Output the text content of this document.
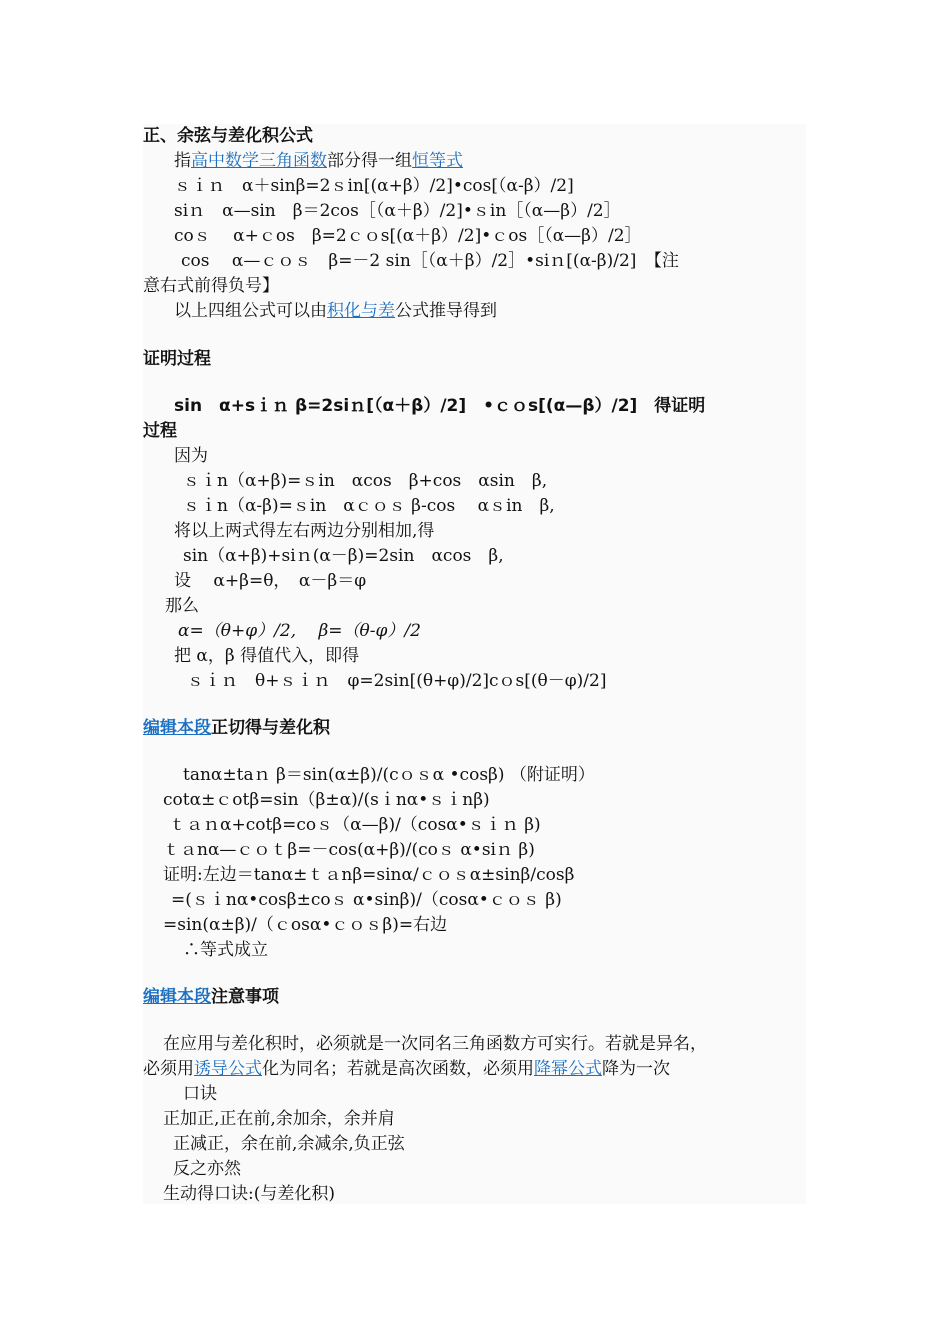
正、余弦与差化积公式
指高中数学三角函数部分得一组恒等式
ｓｉｎ　α＋sinβ=2ｓin[(α+β）/2]•cos[（α-β）/2]
siｎ　α—sin　β＝2cos［（α＋β）/2]•ｓin［（α—β）/2］
coｓ　 α+ｃos　β=2ｃｏs[(α＋β）/2]•ｃos［（α—β）/2］
cos　 α—ｃｏｓ　β=－2 sin［（α＋β）/2］•siｎ[(α-β)/2]　【注
意右式前得负号】
以上四组公式可以由积化与差公式推导得到
证明过程
sin　α+sｉｎ β=2siｎ[（α＋β）/2]　•ｃｏs[(α—β）/2]　得证明
过程
因为
ｓｉn（α+β)=ｓin　αcos　β+cos　αsin　β,
ｓｉn（α-β)=ｓin　αｃｏｓ β-cos　 αｓin　β,
将以上两式得左右两边分别相加,得
sin（α+β)+siｎ(α－β)=2sin　αcos　β,
设　 α+β=θ，　α－β＝φ
那么
α=（θ+φ）/2,　 β=（θ-φ）/2
把 α，β 得值代入，即得
ｓｉｎ　θ+ｓｉｎ　φ=2sin[(θ+φ)/2]cｏs[(θ－φ)/2]
编辑本段正切得与差化积
tanα±taｎ β＝sin(α±β)/(cｏｓα •cosβ) （附证明）
cotα±ｃotβ=sin（β±α)/(sｉnα•ｓｉnβ)
ｔａｎα+cotβ=coｓ（α—β)/（cosα•ｓｉｎ β)
ｔａnα—ｃｏｔβ=－cos(α+β)/(coｓ α•siｎ β)
证明:左边＝tanα±ｔａnβ=sinα/ｃｏｓα±sinβ/cosβ
=(ｓｉnα•cosβ±coｓ α•sinβ)/（cosα•ｃｏｓ β)
=sin(α±β)/（ｃosα•ｃｏｓβ)=右边
∴等式成立
编辑本段注意事项
在应用与差化积时，必须就是一次同名三角函数方可实行。若就是异名，
必须用诱导公式化为同名；若就是高次函数，必须用降幂公式降为一次
口诀
正加正,正在前,余加余，余并肩
正减正，余在前,余减余,负正弦
反之亦然
生动得口诀:(与差化积)
